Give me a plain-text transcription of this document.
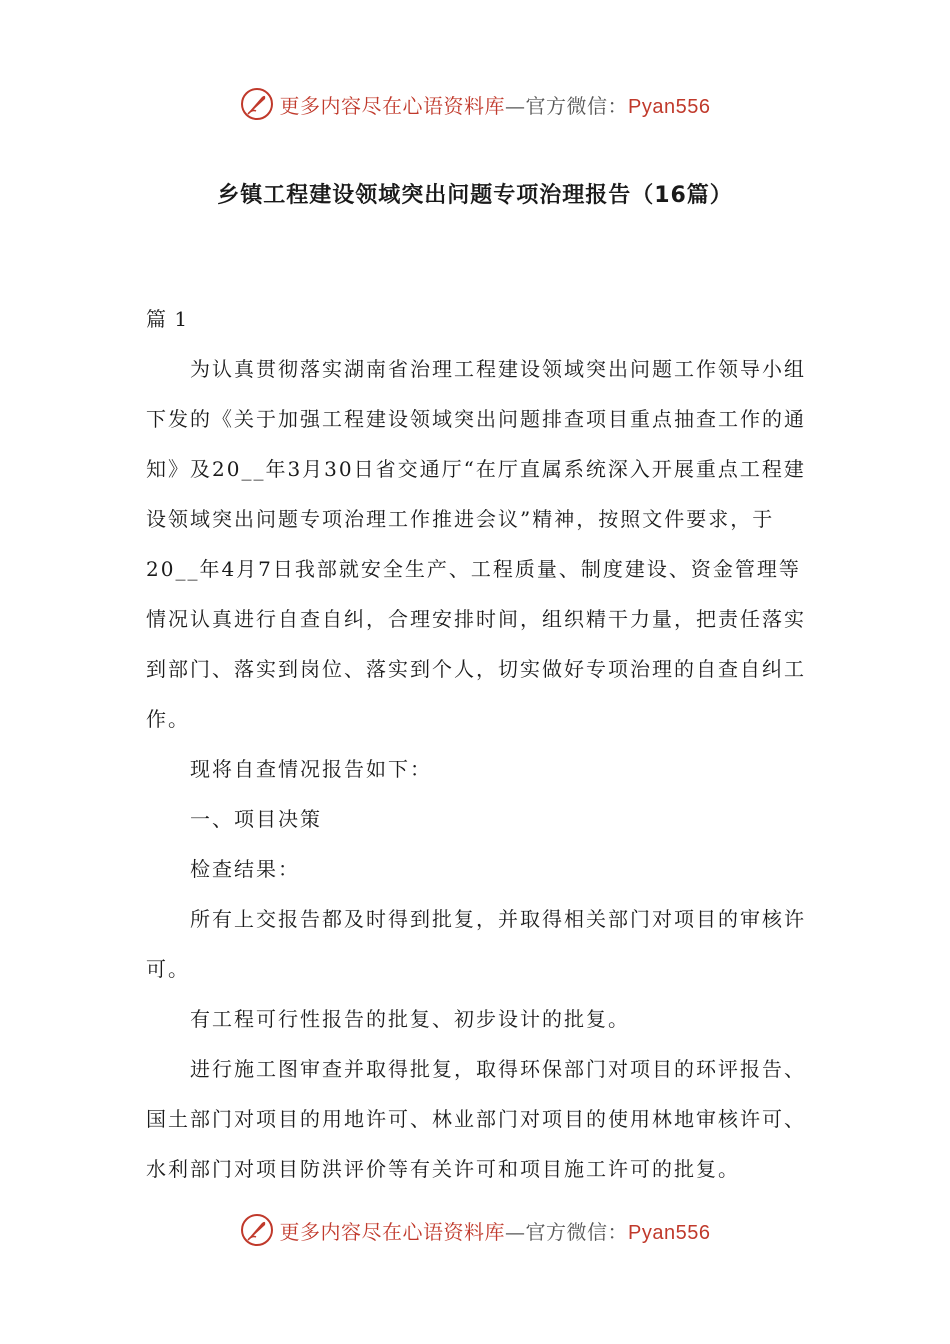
更多内容尽在心语资料库—官方微信：Pyan556
乡镇工程建设领域突出问题专项治理报告（16篇）

篇 1

为认真贯彻落实湖南省治理工程建设领域突出问题工作领导小组下发的《关于加强工程建设领域突出问题排查项目重点抽查工作的通知》及20__年3月30日省交通厅“在厅直属系统深入开展重点工程建设领域突出问题专项治理工作推进会议”精神，按照文件要求，于20__年4月7日我部就安全生产、工程质量、制度建设、资金管理等情况认真进行自查自纠，合理安排时间，组织精干力量，把责任落实到部门、落实到岗位、落实到个人，切实做好专项治理的自查自纠工作。

现将自查情况报告如下：

一、项目决策

检查结果：

所有上交报告都及时得到批复，并取得相关部门对项目的审核许可。

有工程可行性报告的批复、初步设计的批复。

进行施工图审查并取得批复，取得环保部门对项目的环评报告、国土部门对项目的用地许可、林业部门对项目的使用林地审核许可、水利部门对项目防洪评价等有关许可和项目施工许可的批复。

更多内容尽在心语资料库—官方微信：Pyan556
